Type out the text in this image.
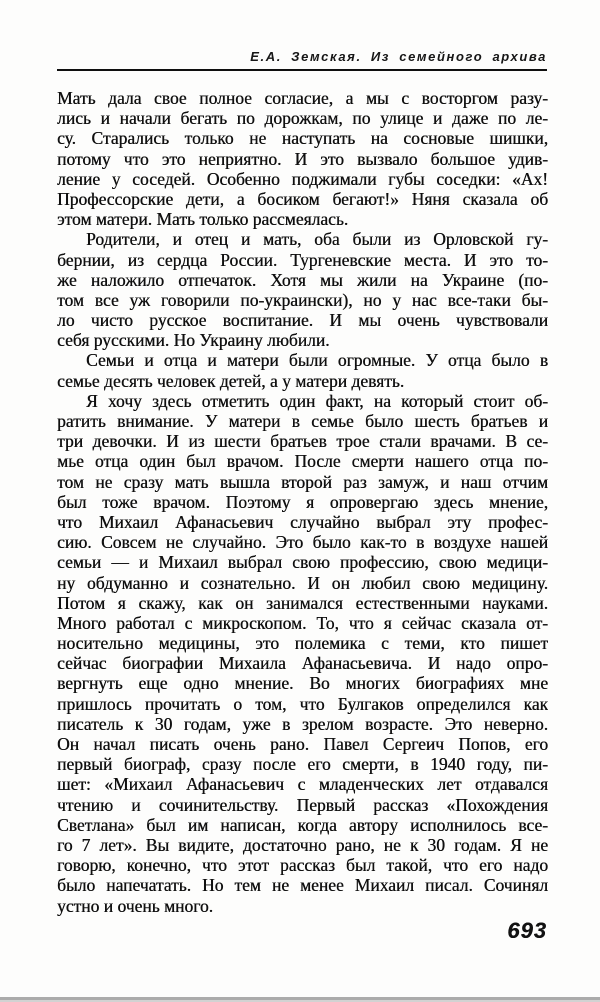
Е.А. Земская. Из семейного архива
Мать дала свое полное согласие, а мы с восторгом разу-
лись и начали бегать по дорожкам, по улице и даже по ле-
су. Старались только не наступать на сосновые шишки,
потому что это неприятно. И это вызвало большое удив-
ление у соседей. Особенно поджимали губы соседки: «Ах!
Профессорские дети, а босиком бегают!» Няня сказала об
этом матери. Мать только рассмеялась.
Родители, и отец и мать, оба были из Орловской гу-
бернии, из сердца России. Тургеневские места. И это то-
же наложило отпечаток. Хотя мы жили на Украине (по-
том все уж говорили по-украински), но у нас все-таки бы-
ло чисто русское воспитание. И мы очень чувствовали
себя русскими. Но Украину любили.
Семьи и отца и матери были огромные. У отца было в
семье десять человек детей, а у матери девять.
Я хочу здесь отметить один факт, на который стоит об-
ратить внимание. У матери в семье было шесть братьев и
три девочки. И из шести братьев трое стали врачами. В се-
мье отца один был врачом. После смерти нашего отца по-
том не сразу мать вышла второй раз замуж, и наш отчим
был тоже врачом. Поэтому я опровергаю здесь мнение,
что Михаил Афанасьевич случайно выбрал эту профес-
сию. Совсем не случайно. Это было как-то в воздухе нашей
семьи — и Михаил выбрал свою профессию, свою медици-
ну обдуманно и сознательно. И он любил свою медицину.
Потом я скажу, как он занимался естественными науками.
Много работал с микроскопом. То, что я сейчас сказала от-
носительно медицины, это полемика с теми, кто пишет
сейчас биографии Михаила Афанасьевича. И надо опро-
вергнуть еще одно мнение. Во многих биографиях мне
пришлось прочитать о том, что Булгаков определился как
писатель к 30 годам, уже в зрелом возрасте. Это неверно.
Он начал писать очень рано. Павел Сергеич Попов, его
первый биограф, сразу после его смерти, в 1940 году, пи-
шет: «Михаил Афанасьевич с младенческих лет отдавался
чтению и сочинительству. Первый рассказ «Похождения
Светлана» был им написан, когда автору исполнилось все-
го 7 лет». Вы видите, достаточно рано, не к 30 годам. Я не
говорю, конечно, что этот рассказ был такой, что его надо
было напечатать. Но тем не менее Михаил писал. Сочинял
устно и очень много.
693
